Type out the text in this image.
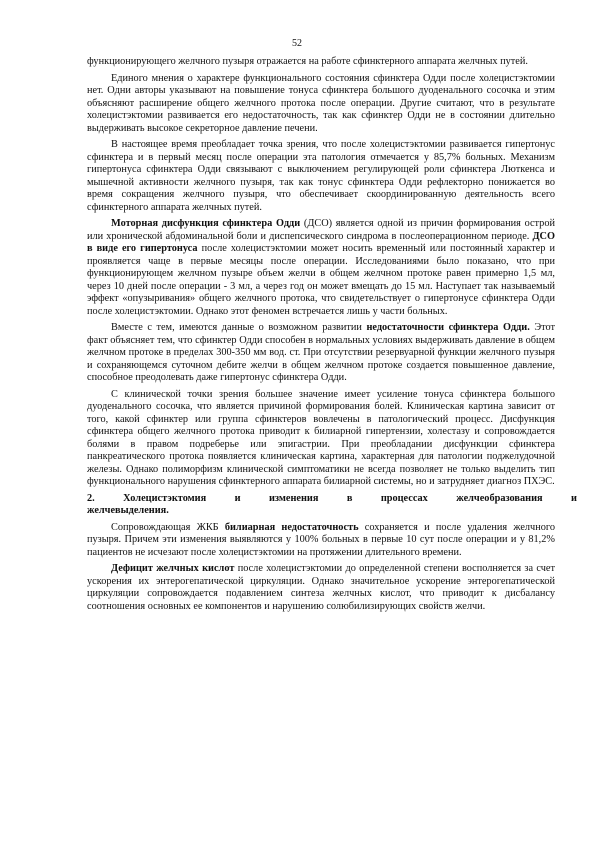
52

функционирующего желчного пузыря отражается на работе сфинктерного аппарата желчных путей.

Единого мнения о характере функционального состояния сфинктера Одди после холецистэктомии нет. Одни авторы указывают на повышение тонуса сфинктера большого дуоденального сосочка и этим объясняют расширение общего желчного протока после операции. Другие считают, что в результате холецистэктомии развивается его недостаточность, так как сфинктер Одди не в состоянии длительно выдерживать высокое секреторное давление печени.

В настоящее время преобладает точка зрения, что после холецистэктомии развивается гипертонус сфинктера и в первый месяц после операции эта патология отмечается у 85,7% больных. Механизм гипертонуса сфинктера Одди связывают с выключением регулирующей роли сфинктера Люткенса и мышечной активности желчного пузыря, так как тонус сфинктера Одди рефлекторно понижается во время сокращения желчного пузыря, что обеспечивает скоординированную деятельность всего сфинктерного аппарата желчных путей.

Моторная дисфункция сфинктера Одди (ДСО) является одной из причин формирования острой или хронической абдоминальной боли и диспепсического синдрома в послеоперационном периоде. ДСО в виде его гипертонуса после холецистэктомии может носить временный или постоянный характер и проявляется чаще в первые месяцы после операции. Исследованиями было показано, что при функционирующем желчном пузыре объем желчи в общем желчном протоке равен примерно 1,5 мл, через 10 дней после операции - 3 мл, а через год он может вмещать до 15 мл. Наступает так называемый эффект «опузыривания» общего желчного протока, что свидетельствует о гипертонусе сфинктера Одди после холецистэктомии. Однако этот феномен встречается лишь у части больных.

Вместе с тем, имеются данные о возможном развитии недостаточности сфинктера Одди. Этот факт объясняет тем, что сфинктер Одди способен в нормальных условиях выдерживать давление в общем желчном протоке в пределах 300-350 мм вод. ст. При отсутствии резервуарной функции желчного пузыря и сохраняющемся суточном дебите желчи в общем желчном протоке создается повышенное давление, способное преодолевать даже гипертонус сфинктера Одди.

С клинической точки зрения большее значение имеет усиление тонуса сфинктера большого дуоденального сосочка, что является причиной формирования болей. Клиническая картина зависит от того, какой сфинктер или группа сфинктеров вовлечены в патологический процесс. Дисфункция сфинктера общего желчного протока приводит к билиарной гипертензии, холестазу и сопровождается болями в правом подреберье или эпигастрии. При преобладании дисфункции сфинктера панкреатического протока появляется клиническая картина, характерная для патологии поджелудочной железы. Однако полиморфизм клинической симптоматики не всегда позволяет не только выделить тип функционального нарушения сфинктерного аппарата билиарной системы, но и затрудняет диагноз ПХЭС.

2.	Холецистэктомия	и	изменения	в	процессах	желчеобразования	и

желчевыделения.

Сопровождающая ЖКБ билиарная недостаточность сохраняется и после удаления желчного пузыря. Причем эти изменения выявляются у 100% больных в первые 10 сут после операции и у 81,2% пациентов не исчезают после холецистэктомии на протяжении длительного времени.

Дефицит желчных кислот после холецистэктомии до определенной степени восполняется за счет ускорения их энтерогепатической циркуляции. Однако значительное ускорение энтерогепатической циркуляции сопровождается подавлением синтеза желчных кислот, что приводит к дисбалансу соотношения основных ее компонентов и нарушению солюбилизирующих свойств желчи.
